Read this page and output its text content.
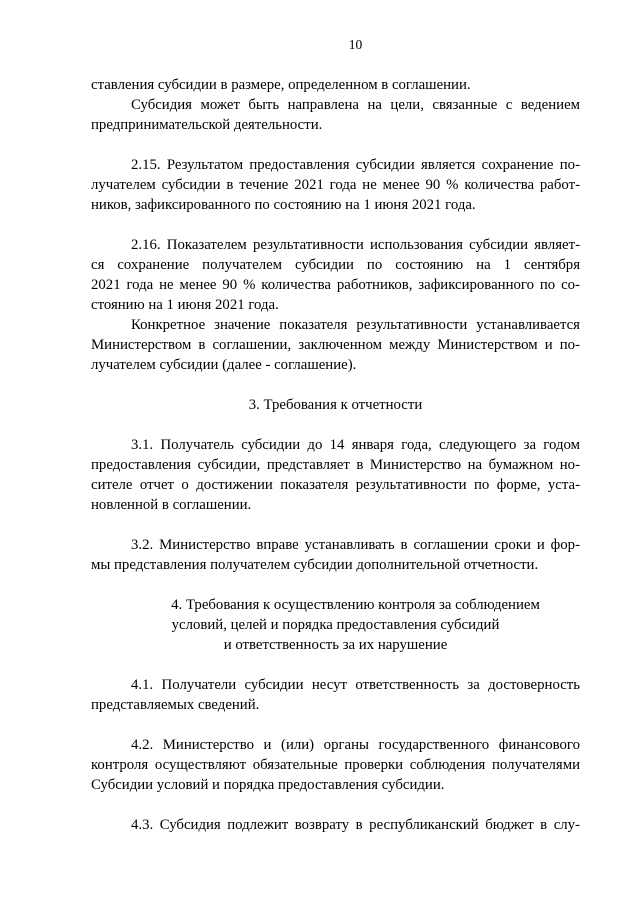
10
ставления субсидии в размере, определенном в соглашении.
Субсидия может быть направлена на цели, связанные с ведением
предпринимательской деятельности.
2.15. Результатом предоставления субсидии является сохранение по-
лучателем субсидии в течение 2021 года не менее 90 % количества работ-
ников, зафиксированного по состоянию на 1 июня 2021 года.
2.16. Показателем результативности использования субсидии являет-
ся сохранение получателем субсидии по состоянию на 1 сентября
2021 года не менее 90 % количества работников, зафиксированного по со-
стоянию на 1 июня 2021 года.
Конкретное значение показателя результативности устанавливается
Министерством в соглашении, заключенном между Министерством и по-
лучателем субсидии (далее - соглашение).
3. Требования к отчетности
3.1. Получатель субсидии до 14 января года, следующего за годом
предоставления субсидии, представляет в Министерство на бумажном но-
сителе отчет о достижении показателя результативности по форме, уста-
новленной в соглашении.
3.2. Министерство вправе устанавливать в соглашении сроки и фор-
мы представления получателем субсидии дополнительной отчетности.
4. Требования к осуществлению контроля за соблюдением
условий, целей и порядка предоставления субсидий
и ответственность за их нарушение
4.1. Получатели субсидии несут ответственность за достоверность
представляемых сведений.
4.2. Министерство и (или) органы государственного финансового
контроля осуществляют обязательные проверки соблюдения получателями
Субсидии условий и порядка предоставления субсидии.
4.3. Субсидия подлежит возврату в республиканский бюджет в слу-
